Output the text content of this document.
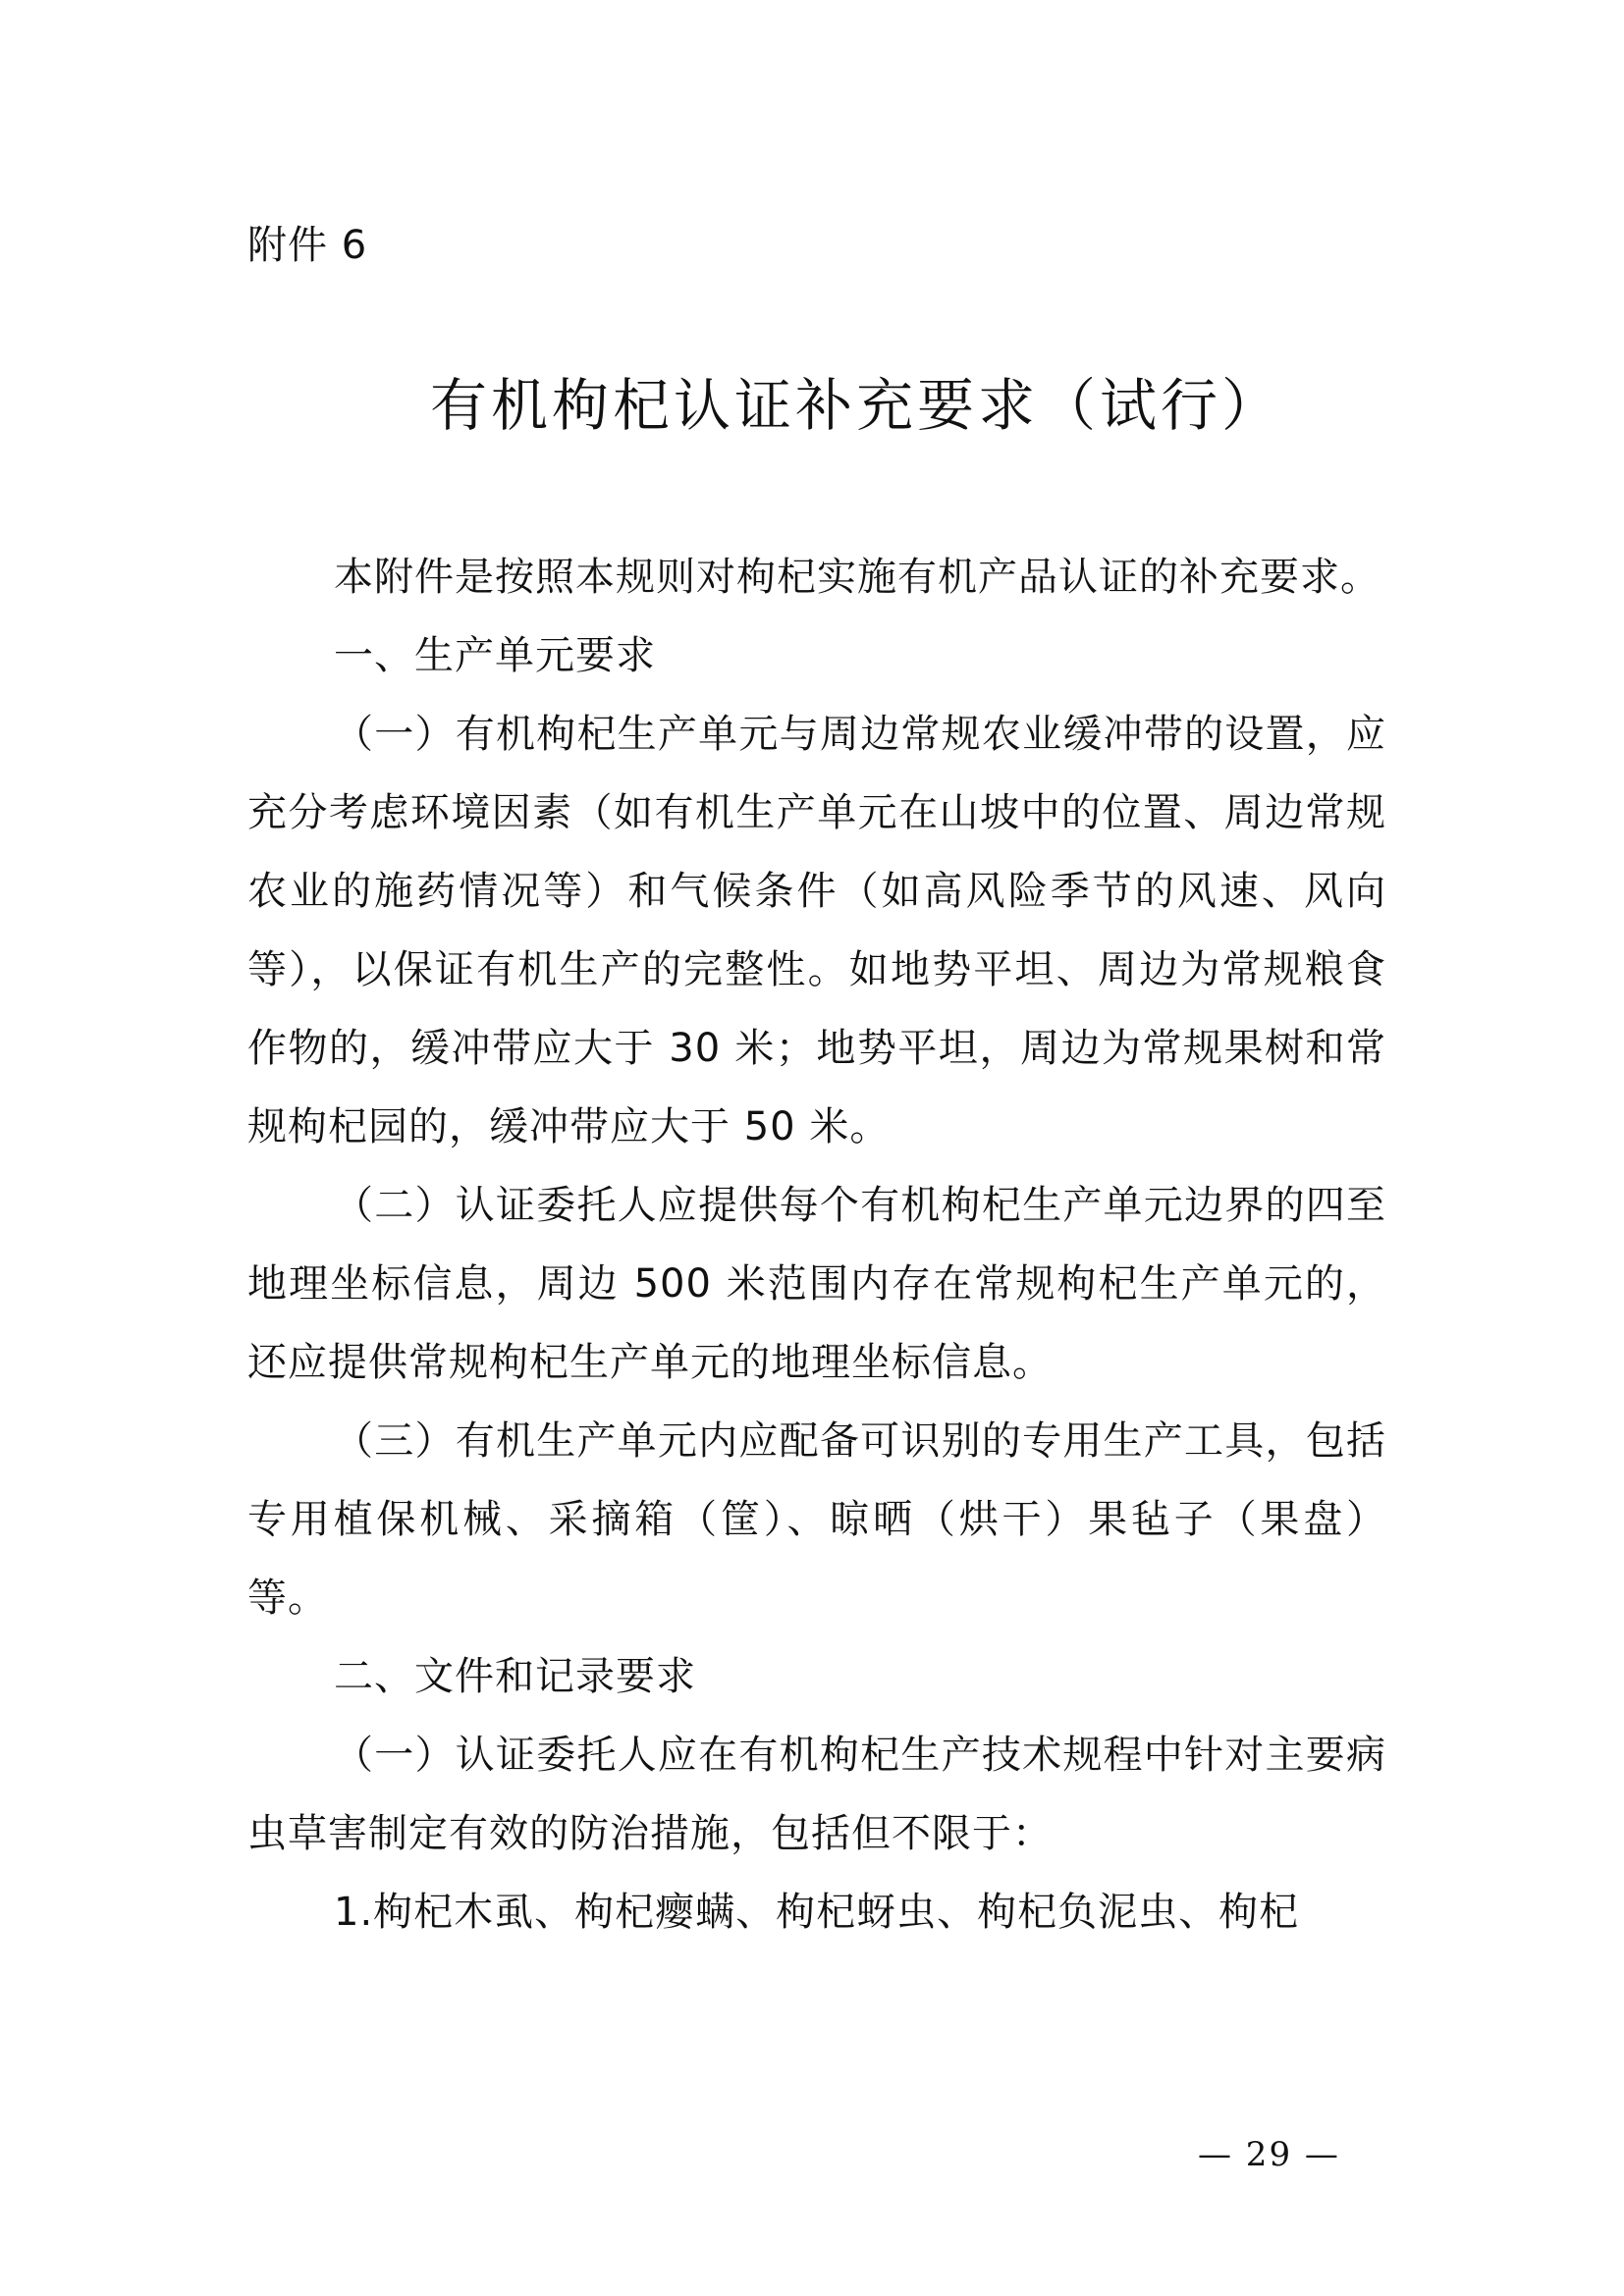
附件 6
有机枸杞认证补充要求（试行）

本附件是按照本规则对枸杞实施有机产品认证的补充要求。

一、生产单元要求

（一）有机枸杞生产单元与周边常规农业缓冲带的设置，应充分考虑环境因素（如有机生产单元在山坡中的位置、周边常规农业的施药情况等）和气候条件（如高风险季节的风速、风向等），以保证有机生产的完整性。如地势平坦、周边为常规粮食作物的，缓冲带应大于 30 米；地势平坦，周边为常规果树和常规枸杞园的，缓冲带应大于 50 米。

（二）认证委托人应提供每个有机枸杞生产单元边界的四至地理坐标信息，周边 500 米范围内存在常规枸杞生产单元的，还应提供常规枸杞生产单元的地理坐标信息。

（三）有机生产单元内应配备可识别的专用生产工具，包括专用植保机械、采摘箱（筐）、晾晒（烘干）果毡子（果盘）等。

二、文件和记录要求

（一）认证委托人应在有机枸杞生产技术规程中针对主要病虫草害制定有效的防治措施，包括但不限于：

1.枸杞木虱、枸杞瘿螨、枸杞蚜虫、枸杞负泥虫、枸杞

— 29 —
